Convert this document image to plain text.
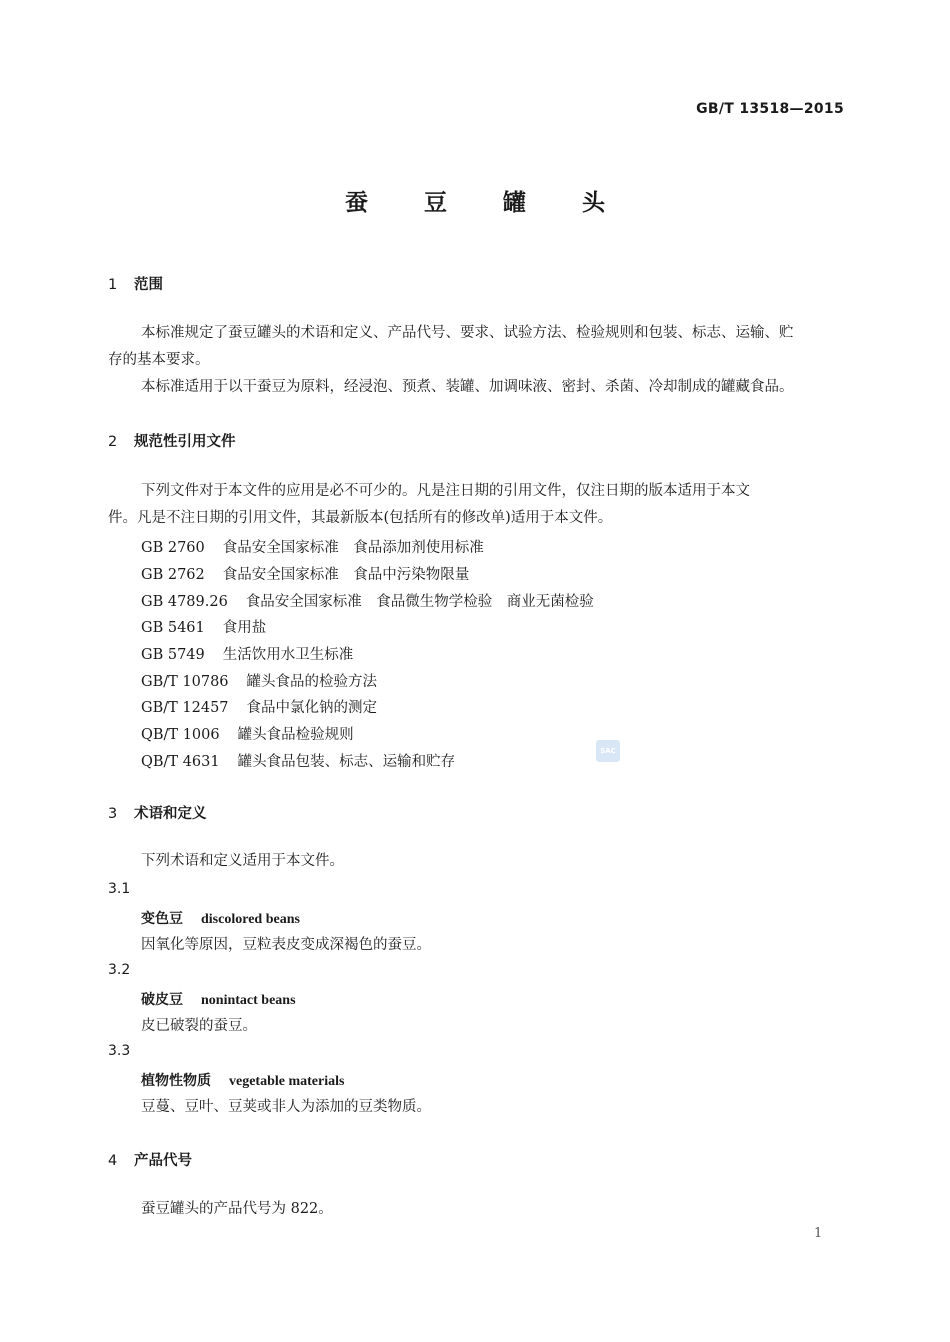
GB/T 13518—2015
蚕 豆 罐 头
1 范围
本标准规定了蚕豆罐头的术语和定义、产品代号、要求、试验方法、检验规则和包装、标志、运输、贮
存的基本要求。
本标准适用于以干蚕豆为原料，经浸泡、预煮、装罐、加调味液、密封、杀菌、冷却制成的罐藏食品。
2 规范性引用文件
下列文件对于本文件的应用是必不可少的。凡是注日期的引用文件，仅注日期的版本适用于本文
件。凡是不注日期的引用文件，其最新版本(包括所有的修改单)适用于本文件。
GB 2760 食品安全国家标准　食品添加剂使用标准
GB 2762 食品安全国家标准　食品中污染物限量
GB 4789.26 食品安全国家标准　食品微生物学检验　商业无菌检验
GB 5461 食用盐
GB 5749 生活饮用水卫生标准
GB/T 10786 罐头食品的检验方法
GB/T 12457 食品中氯化钠的测定
QB/T 1006 罐头食品检验规则
QB/T 4631 罐头食品包装、标志、运输和贮存
SAC
3 术语和定义
下列术语和定义适用于本文件。
3.1
变色豆 discolored beans
因氧化等原因，豆粒表皮变成深褐色的蚕豆。
3.2
破皮豆 nonintact beans
皮已破裂的蚕豆。
3.3
植物性物质 vegetable materials
豆蔓、豆叶、豆荚或非人为添加的豆类物质。
4 产品代号
蚕豆罐头的产品代号为 822。
1
